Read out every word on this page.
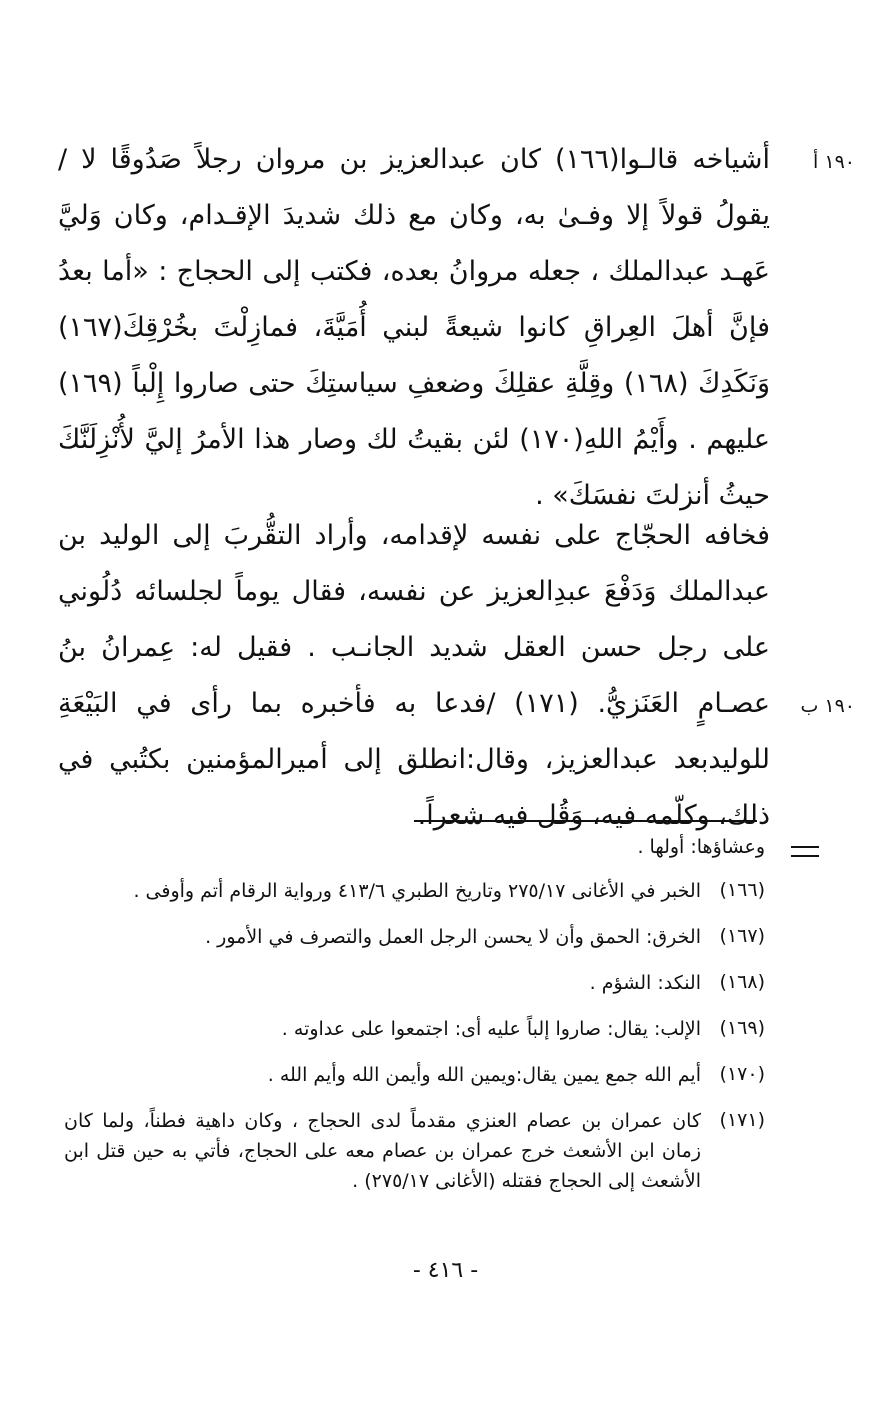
١٩٠ أ

أشياخه قالـوا(١٦٦) كان عبدالعزيز بن مروان رجلاً صَدُوقًا لا / يقولُ قولاً إلا وفـىٰ به، وكان مع ذلك شديدَ الإقـدام، وكان وَليَّ عَهـد عبدالملك ، جعله مروانُ بعده، فكتب إلى الحجاج : «أما بعدُ فإنَّ أهلَ العِراقِ كانوا شيعةً لبني أُمَيَّةَ، فمازِلْتَ بخُرْقِكَ(١٦٧) وَنَكَدِكَ (١٦٨) وقِلَّةِ عقلِكَ وضعفِ سياستِكَ حتى صاروا إِلْباً (١٦٩) عليهم . وأَيْمُ اللهِ(١٧٠) لئن بقيتُ لك وصار هذا الأمرُ إليَّ لأُنْزِلَنَّكَ حيثُ أنزلتَ نفسَكَ» .

١٩٠ ب

فخافه الحجّاج على نفسه لإقدامه، وأراد التقُّربَ إلى الوليد بن عبدالملك وَدَفْعَ عبدِالعزيز عن نفسه، فقال يوماً لجلسائه دُلُوني على رجل حسن العقل شديد الجانـب . فقيل له: عِمرانُ بنُ عصـامٍ العَنَزيُّ. (١٧١) /فدعا به فأخبره بما رأى في البَيْعَةِ للوليدبعد عبدالعزيز، وقال:انطلق إلى أميرالمؤمنين بكتُبي في ذلك، وكلّمه فيه، وَقُل فيه شعراً.

وعشاؤها: أولها .

(١٦٦)
الخبر في الأغانى ٢٧٥/١٧ وتاريخ الطبري ٤١٣/٦ ورواية الرقام أتم وأوفى .
(١٦٧)
الخرق: الحمق وأن لا يحسن الرجل العمل والتصرف في الأمور .
(١٦٨)
النكد: الشؤم .
(١٦٩)
الإلب: يقال: صاروا إلباً عليه أى: اجتمعوا على عداوته .
(١٧٠)
أيم الله جمع يمين يقال:ويمين الله وأيمن الله وأيم الله .
(١٧١)
كان عمران بن عصام العنزي مقدماً لدى الحجاج ، وكان داهية فطناً، ولما كان زمان ابن الأشعث خرج عمران بن عصام معه على الحجاج، فأتي به حين قتل ابن الأشعث إلى الحجاج فقتله (الأغانى ٢٧٥/١٧) .
- ٤١٦ -
